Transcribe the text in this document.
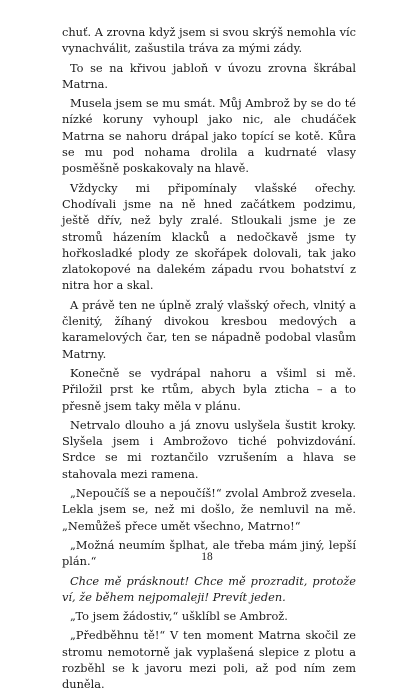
chuť. A zrovna když jsem si svou skrýš nemohla víc vynachválit, zašustila tráva za mými zády.

To se na křivou jabloň v úvozu zrovna škrábal Matrna.

Musela jsem se mu smát. Můj Ambrož by se do té nízké koruny vyhoupl jako nic, ale chudáček Matrna se nahoru drápal jako topící se kotě. Kůra se mu pod nohama drolila a kudrnaté vlasy posměšně poskakovaly na hlavě.

Vždycky mi připomínaly vlašské ořechy. Chodívali jsme na ně hned začátkem podzimu, ještě dřív, než byly zralé. Stloukali jsme je ze stromů házením klacků a nedočkavě jsme ty hořkosladké plody ze skořápek dolovali, tak jako zlatokopové na dalekém západu rvou bohatství z nitra hor a skal.

A právě ten ne úplně zralý vlašský ořech, vlnitý a členitý, žíhaný divokou kresbou medových a karamelových čar, ten se nápadně podobal vlasům Matrny.

Konečně se vydrápal nahoru a všiml si mě. Přiložil prst ke rtům, abych byla zticha – a to přesně jsem taky měla v plánu.

Netrvalo dlouho a já znovu uslyšela šustit kroky. Slyšela jsem i Ambrožovo tiché pohvizdování. Srdce se mi roztančilo vzrušením a hlava se stahovala mezi ramena.

„Nepoučíš se a nepoučíš!“ zvolal Ambrož zvesela. Lekla jsem se, než mi došlo, že nemluvil na mě. „Nemůžeš přece umět všechno, Matrno!“

„Možná neumím šplhat, ale třeba mám jiný, lepší plán.“

Chce mě prásknout! Chce mě prozradit, protože ví, že během nejpomaleji! Prevít jeden.

„To jsem žádostiv,“ ušklíbl se Ambrož.

„Předběhnu tě!“ V ten moment Matrna skočil ze stromu nemotorně jak vyplašená slepice z plotu a rozběhl se k javoru mezi poli, až pod ním zem duněla.

18
